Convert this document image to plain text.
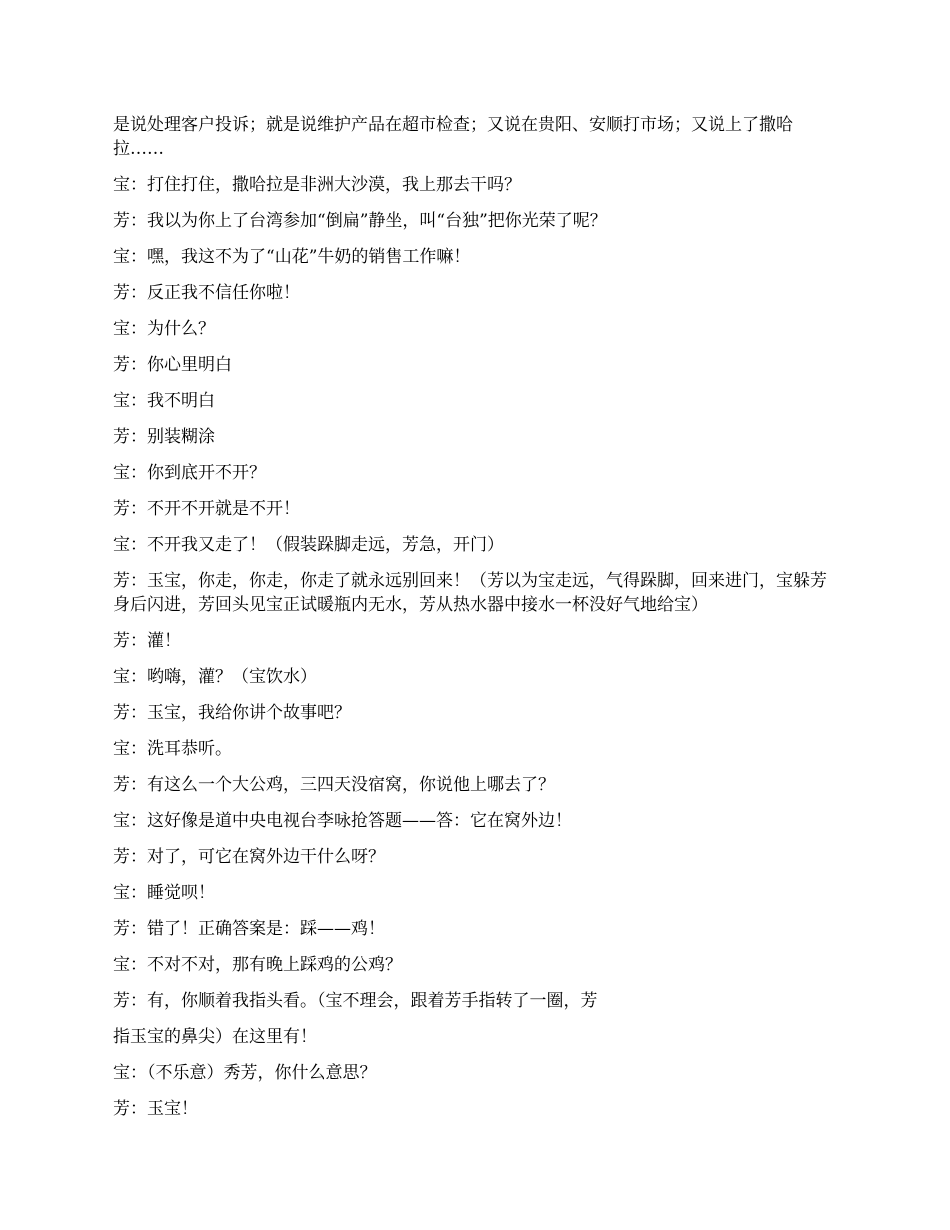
是说处理客户投诉；就是说维护产品在超市检查；又说在贵阳、安顺打市场；又说上了撒哈拉……
宝：打住打住，撒哈拉是非洲大沙漠，我上那去干吗？
芳：我以为你上了台湾参加“倒扁”静坐，叫“台独”把你光荣了呢？
宝：嘿，我这不为了“山花”牛奶的销售工作嘛！
芳：反正我不信任你啦！
宝：为什么？
芳：你心里明白
宝：我不明白
芳：别装糊涂
宝：你到底开不开？
芳：不开不开就是不开！
宝：不开我又走了！（假装跺脚走远，芳急，开门）
芳：玉宝，你走，你走，你走了就永远别回来！（芳以为宝走远，气得跺脚，回来进门，宝躲芳身后闪进，芳回头见宝正试暖瓶内无水，芳从热水器中接水一杯没好气地给宝）
芳：灌！
宝：哟嗨，灌？（宝饮水）
芳：玉宝，我给你讲个故事吧？
宝：洗耳恭听。
芳：有这么一个大公鸡，三四天没宿窝，你说他上哪去了？
宝：这好像是道中央电视台李咏抢答题——答：它在窝外边！
芳：对了，可它在窝外边干什么呀？
宝：睡觉呗！
芳：错了！正确答案是：踩——鸡！
宝：不对不对，那有晚上踩鸡的公鸡？
芳：有，你顺着我指头看。（宝不理会，跟着芳手指转了一圈，芳
指玉宝的鼻尖）在这里有！
宝：（不乐意）秀芳，你什么意思？
芳：玉宝！
